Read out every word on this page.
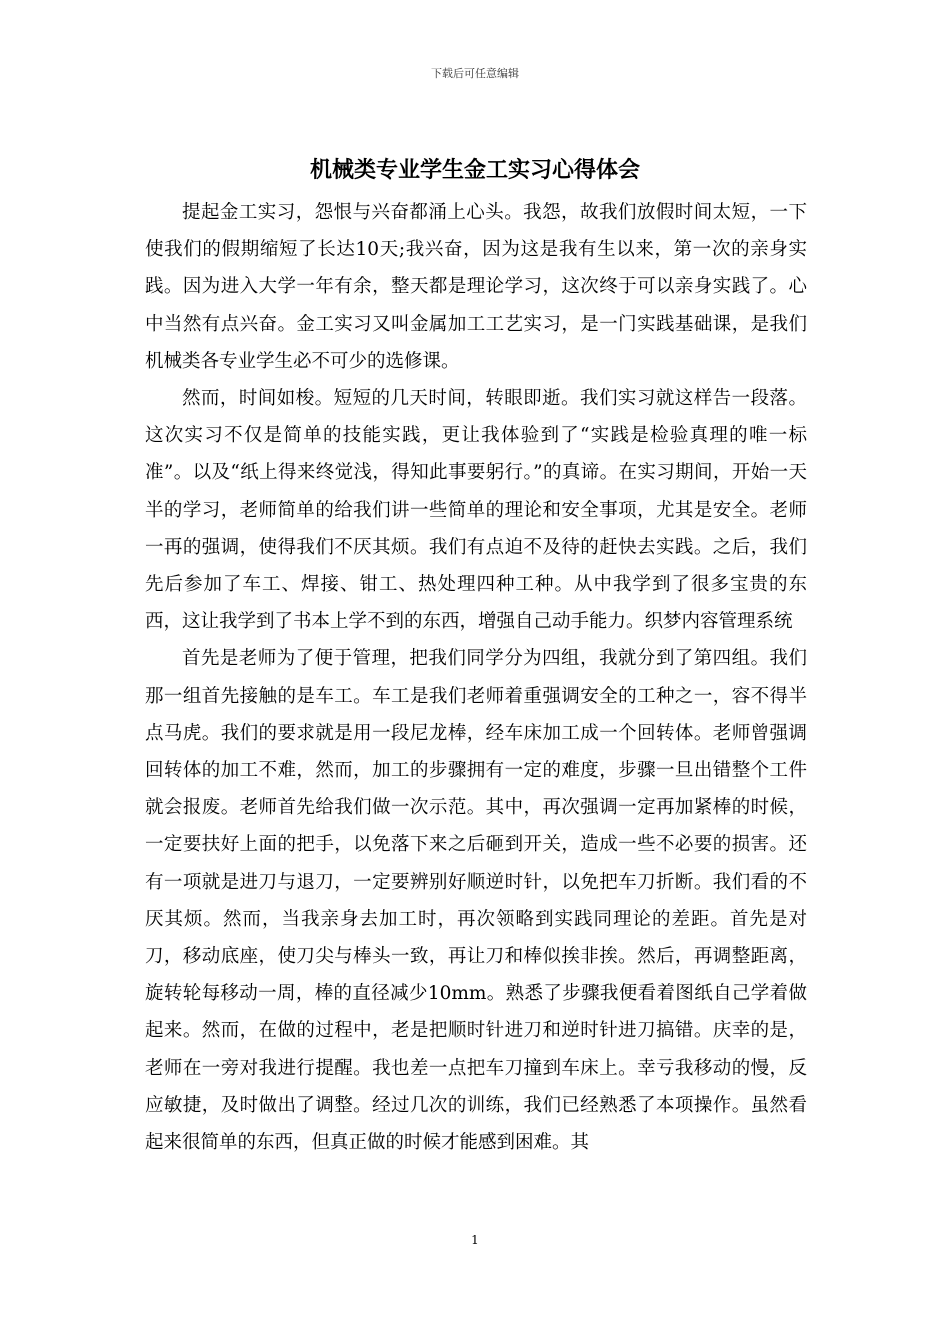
下载后可任意编辑
机械类专业学生金工实习心得体会

提起金工实习，怨恨与兴奋都涌上心头。我怨，故我们放假时间太短，一下使我们的假期缩短了长达10天;我兴奋，因为这是我有生以来，第一次的亲身实践。因为进入大学一年有余，整天都是理论学习，这次终于可以亲身实践了。心中当然有点兴奋。金工实习又叫金属加工工艺实习，是一门实践基础课，是我们机械类各专业学生必不可少的选修课。

然而，时间如梭。短短的几天时间，转眼即逝。我们实习就这样告一段落。这次实习不仅是简单的技能实践，更让我体验到了“实践是检验真理的唯一标准”。以及“纸上得来终觉浅，得知此事要躬行。”的真谛。在实习期间，开始一天半的学习，老师简单的给我们讲一些简单的理论和安全事项，尤其是安全。老师一再的强调，使得我们不厌其烦。我们有点迫不及待的赶快去实践。之后，我们先后参加了车工、焊接、钳工、热处理四种工种。从中我学到了很多宝贵的东西，这让我学到了书本上学不到的东西，增强自己动手能力。织梦内容管理系统

首先是老师为了便于管理，把我们同学分为四组，我就分到了第四组。我们那一组首先接触的是车工。车工是我们老师着重强调安全的工种之一，容不得半点马虎。我们的要求就是用一段尼龙棒，经车床加工成一个回转体。老师曾强调回转体的加工不难，然而，加工的步骤拥有一定的难度，步骤一旦出错整个工件就会报废。老师首先给我们做一次示范。其中，再次强调一定再加紧棒的时候，一定要扶好上面的把手，以免落下来之后砸到开关，造成一些不必要的损害。还有一项就是进刀与退刀，一定要辨别好顺逆时针，以免把车刀折断。我们看的不厌其烦。然而，当我亲身去加工时，再次领略到实践同理论的差距。首先是对刀，移动底座，使刀尖与棒头一致，再让刀和棒似挨非挨。然后，再调整距离，旋转轮每移动一周，棒的直径减少10mm。熟悉了步骤我便看着图纸自己学着做起来。然而，在做的过程中，老是把顺时针进刀和逆时针进刀搞错。庆幸的是，老师在一旁对我进行提醒。我也差一点把车刀撞到车床上。幸亏我移动的慢，反应敏捷，及时做出了调整。经过几次的训练，我们已经熟悉了本项操作。虽然看起来很简单的东西，但真正做的时候才能感到困难。其

1
